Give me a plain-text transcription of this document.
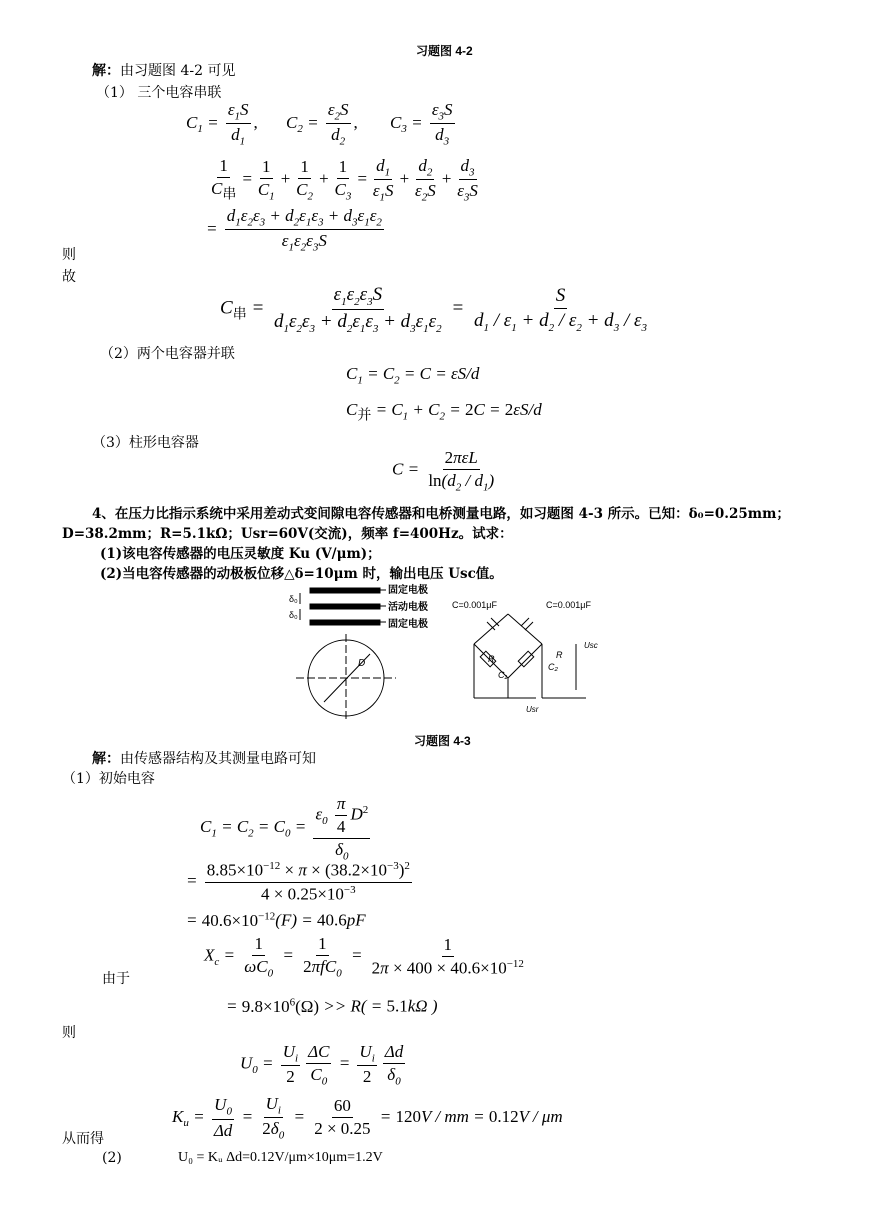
习题图 4-2
解：由习题图 4-2 可见
（1） 三个电容串联
$C_1 = \frac{\varepsilon_1S}{d_1}$ , $C_2 = \frac{\varepsilon_2S}{d_2}$ , $C_3 = \frac{\varepsilon_3S}{d_3}$
$\frac{1}{C_串} = \frac{1}{C_1} + \frac{1}{C_2} + \frac{1}{C_3} = \frac{d_1}{\varepsilon_1S} + \frac{d_2}{\varepsilon_2S} + \frac{d_3}{\varepsilon_3S}$
= $\frac{d_1\varepsilon_2\varepsilon_3 + d_2\varepsilon_1\varepsilon_3 + d_3\varepsilon_1\varepsilon_2}{\varepsilon_1\varepsilon_2\varepsilon_3S}$
则
故
$C_串 = \frac{\varepsilon_1\varepsilon_2\varepsilon_3S}{d_1\varepsilon_2\varepsilon_3 + d_2\varepsilon_1\varepsilon_3 + d_3\varepsilon_1\varepsilon_2} = \frac{S}{d_1 / \varepsilon_1 + d_2 / \varepsilon_2 + d_3 / \varepsilon_3}$
（2）两个电容器并联
$C_1 = C_2 = C = \varepsilon S/d$
$C_并 = C_1 + C_2 = 2C = 2\varepsilon S/d$
（3）柱形电容器
$C = \frac{\text{2πεL}}{\ln(d_2 / d_1)}$
4、在压力比指示系统中采用差动式变间隙电容传感器和电桥测量电路，如习题图 4-3 所示。已知：δ₀=0.25mm；
D=38.2mm；R=5.1kΩ；Usr=60V(交流)，频率 f=400Hz。试求：
(1)该电容传感器的电压灵敏度 Ku (V/μm)；
(2)当电容传感器的动极板位移△δ=10μm 时，输出电压 Usc值。
δ₀
δ₀
D
固定电极
活动电极
固定电极
C=0.001μF	C=0.001μF
R	R
C₁
C₂
Usc
Usr
习题图 4-3
解：由传感器结构及其测量电路可知
（1）初始电容
$C_1 = C_2 = C_0 = \frac{\varepsilon_0 \frac{\pi}{4} D^2}{\delta_0}$
= $\frac{8.85\times 10^{-12} \times \pi \times (38.2\times 10^{-3})^2}{4 \times 0.25\times 10^{-3}}$
= $40.6\times 10^{-12}(F) = 40.6pF$
$X_c = \frac{1}{\omega C_0} = \frac{1}{2\pi fC_0} = \frac{1}{2\pi \times 400 \times 40.6\times 10^{-12}}$
由于
= $9.8\times 10^6(\Omega) >> R( = 5.1k\Omega$ )
则
$U_0 = \frac{U_i}{2} \frac{\Delta C}{C_0} = \frac{U_i}{2} \frac{\Delta d}{\delta_0}$
$K_u = \frac{U_0}{\Delta d} = \frac{U_i}{2\delta_0} = \frac{60}{2 \times 0.25} = 120V$ / mm = 0.12V / μm
从而得
(2)	U₀ = Kᵤ Δd=0.12V/μm×10μm=1.2V
